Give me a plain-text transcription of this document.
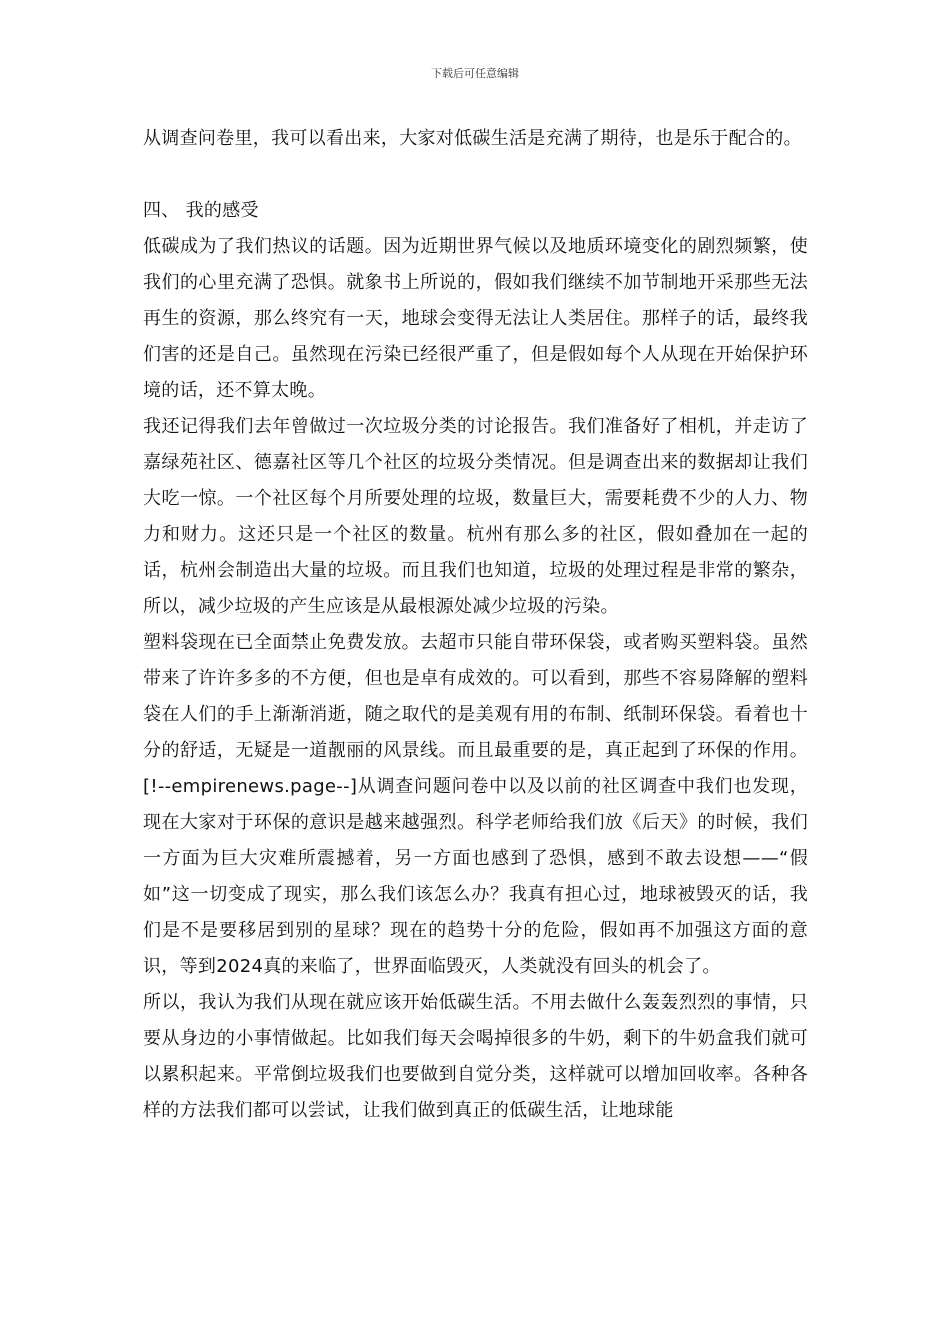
下载后可任意编辑

从调查问卷里，我可以看出来，大家对低碳生活是充满了期待，也是乐于配合的。

四、 我的感受

低碳成为了我们热议的话题。因为近期世界气候以及地质环境变化的剧烈频繁，使我们的心里充满了恐惧。就象书上所说的，假如我们继续不加节制地开采那些无法再生的资源，那么终究有一天，地球会变得无法让人类居住。那样子的话，最终我们害的还是自己。虽然现在污染已经很严重了，但是假如每个人从现在开始保护环境的话，还不算太晚。

我还记得我们去年曾做过一次垃圾分类的讨论报告。我们准备好了相机，并走访了嘉绿苑社区、德嘉社区等几个社区的垃圾分类情况。但是调查出来的数据却让我们大吃一惊。一个社区每个月所要处理的垃圾，数量巨大，需要耗费不少的人力、物力和财力。这还只是一个社区的数量。杭州有那么多的社区，假如叠加在一起的话，杭州会制造出大量的垃圾。而且我们也知道，垃圾的处理过程是非常的繁杂，所以，减少垃圾的产生应该是从最根源处减少垃圾的污染。

塑料袋现在已全面禁止免费发放。去超市只能自带环保袋，或者购买塑料袋。虽然带来了许许多多的不方便，但也是卓有成效的。可以看到，那些不容易降解的塑料袋在人们的手上渐渐消逝，随之取代的是美观有用的布制、纸制环保袋。看着也十分的舒适，无疑是一道靓丽的风景线。而且最重要的是，真正起到了环保的作用。[!--empirenews.page--]从调查问题问卷中以及以前的社区调查中我们也发现，现在大家对于环保的意识是越来越强烈。科学老师给我们放《后天》的时候，我们一方面为巨大灾难所震撼着，另一方面也感到了恐惧，感到不敢去设想——“假如”这一切变成了现实，那么我们该怎么办？我真有担心过，地球被毁灭的话，我们是不是要移居到别的星球？现在的趋势十分的危险，假如再不加强这方面的意识，等到2024真的来临了，世界面临毁灭，人类就没有回头的机会了。

所以，我认为我们从现在就应该开始低碳生活。不用去做什么轰轰烈烈的事情，只要从身边的小事情做起。比如我们每天会喝掉很多的牛奶，剩下的牛奶盒我们就可以累积起来。平常倒垃圾我们也要做到自觉分类，这样就可以增加回收率。各种各样的方法我们都可以尝试，让我们做到真正的低碳生活，让地球能
